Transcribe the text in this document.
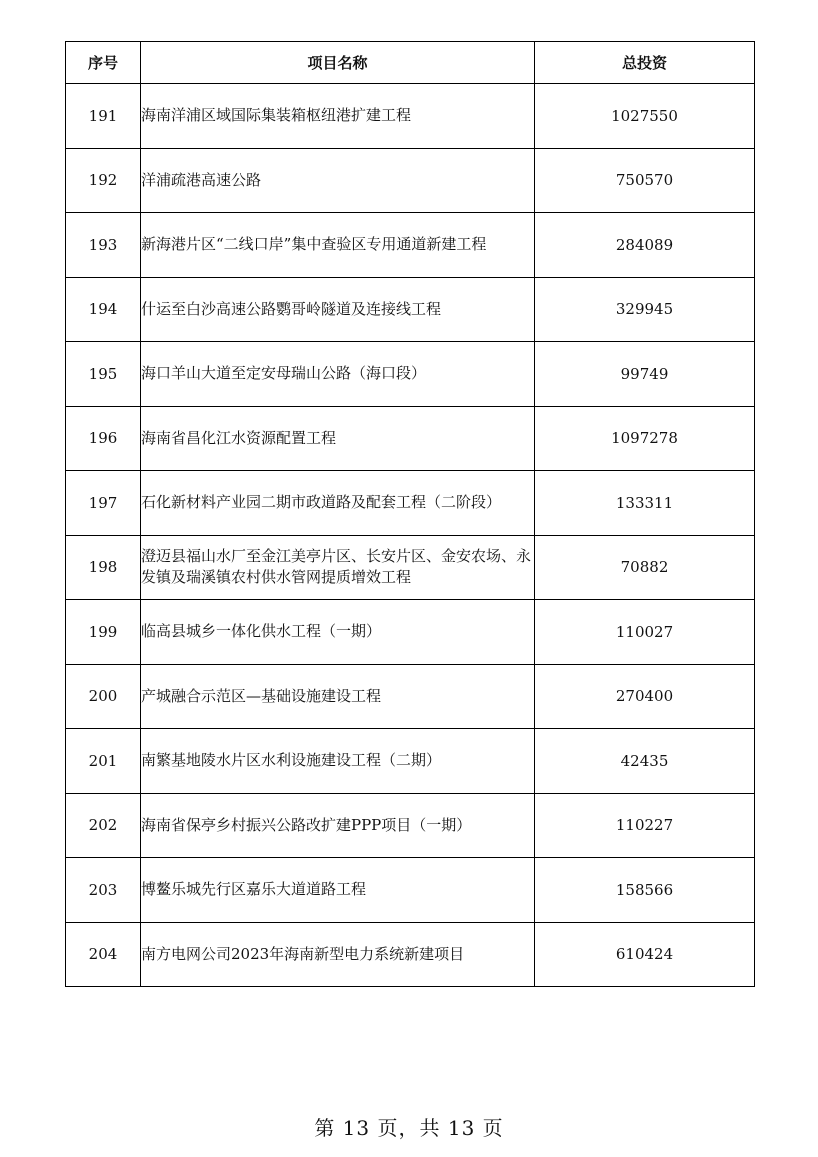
序号	项目名称	总投资
191	海南洋浦区域国际集装箱枢纽港扩建工程	1027550
192	洋浦疏港高速公路	750570
193	新海港片区“二线口岸”集中查验区专用通道新建工程	284089
194	什运至白沙高速公路鹦哥岭隧道及连接线工程	329945
195	海口羊山大道至定安母瑞山公路（海口段）	99749
196	海南省昌化江水资源配置工程	1097278
197	石化新材料产业园二期市政道路及配套工程（二阶段）	133311
198	澄迈县福山水厂至金江美亭片区、长安片区、金安农场、永发镇及瑞溪镇农村供水管网提质增效工程	70882
199	临高县城乡一体化供水工程（一期）	110027
200	产城融合示范区—基础设施建设工程	270400
201	南繁基地陵水片区水利设施建设工程（二期）	42435
202	海南省保亭乡村振兴公路改扩建PPP项目（一期）	110227
203	博鳌乐城先行区嘉乐大道道路工程	158566
204	南方电网公司2023年海南新型电力系统新建项目	610424
第 13 页，共 13 页
